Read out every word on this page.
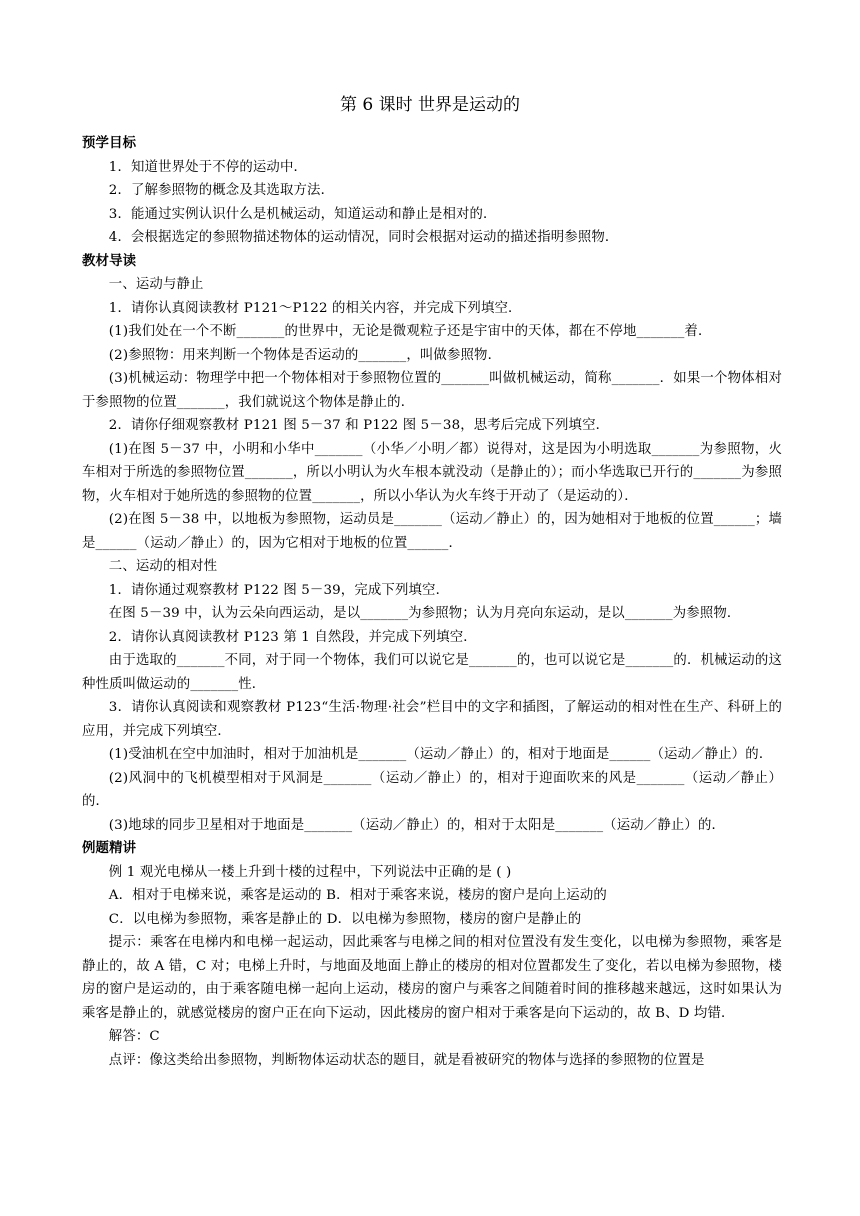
第 6 课时 世界是运动的

预学目标

1．知道世界处于不停的运动中．

2．了解参照物的概念及其选取方法．

3．能通过实例认识什么是机械运动，知道运动和静止是相对的．

4．会根据选定的参照物描述物体的运动情况，同时会根据对运动的描述指明参照物．

教材导读

一、运动与静止

1．请你认真阅读教材 P121～P122 的相关内容，并完成下列填空．

(1)我们处在一个不断_______的世界中，无论是微观粒子还是宇宙中的天体，都在不停地_______着．

(2)参照物：用来判断一个物体是否运动的_______，叫做参照物．

(3)机械运动：物理学中把一个物体相对于参照物位置的_______叫做机械运动，简称_______．如果一个物体相对于参照物的位置_______，我们就说这个物体是静止的．

2．请你仔细观察教材 P121 图 5－37 和 P122 图 5－38，思考后完成下列填空．

(1)在图 5－37 中，小明和小华中_______（小华／小明／都）说得对，这是因为小明选取_______为参照物，火车相对于所选的参照物位置_______，所以小明认为火车根本就没动（是静止的）；而小华选取已开行的_______为参照物，火车相对于她所选的参照物的位置_______，所以小华认为火车终于开动了（是运动的）．

(2)在图 5－38 中，以地板为参照物，运动员是_______（运动／静止）的，因为她相对于地板的位置______；墙是______（运动／静止）的，因为它相对于地板的位置______．

二、运动的相对性

1．请你通过观察教材 P122 图 5－39，完成下列填空．

在图 5－39 中，认为云朵向西运动，是以_______为参照物；认为月亮向东运动，是以_______为参照物．

2．请你认真阅读教材 P123 第 1 自然段，并完成下列填空．

由于选取的_______不同，对于同一个物体，我们可以说它是_______的，也可以说它是_______的．机械运动的这种性质叫做运动的_______性．

3．请你认真阅读和观察教材 P123“生活·物理·社会”栏目中的文字和插图，了解运动的相对性在生产、科研上的应用，并完成下列填空．

(1)受油机在空中加油时，相对于加油机是_______（运动／静止）的，相对于地面是______（运动／静止）的．

(2)风洞中的飞机模型相对于风洞是_______（运动／静止）的，相对于迎面吹来的风是_______（运动／静止）的．

(3)地球的同步卫星相对于地面是_______（运动／静止）的，相对于太阳是_______（运动／静止）的．

例题精讲

例 1 观光电梯从一楼上升到十楼的过程中，下列说法中正确的是 ( )

A．相对于电梯来说，乘客是运动的 B．相对于乘客来说，楼房的窗户是向上运动的

C．以电梯为参照物，乘客是静止的 D．以电梯为参照物，楼房的窗户是静止的

提示：乘客在电梯内和电梯一起运动，因此乘客与电梯之间的相对位置没有发生变化，以电梯为参照物，乘客是静止的，故 A 错，C 对；电梯上升时，与地面及地面上静止的楼房的相对位置都发生了变化，若以电梯为参照物，楼房的窗户是运动的，由于乘客随电梯一起向上运动，楼房的窗户与乘客之间随着时间的推移越来越远，这时如果认为乘客是静止的，就感觉楼房的窗户正在向下运动，因此楼房的窗户相对于乘客是向下运动的，故 B、D 均错．

解答：C

点评：像这类给出参照物，判断物体运动状态的题目，就是看被研究的物体与选择的参照物的位置是
